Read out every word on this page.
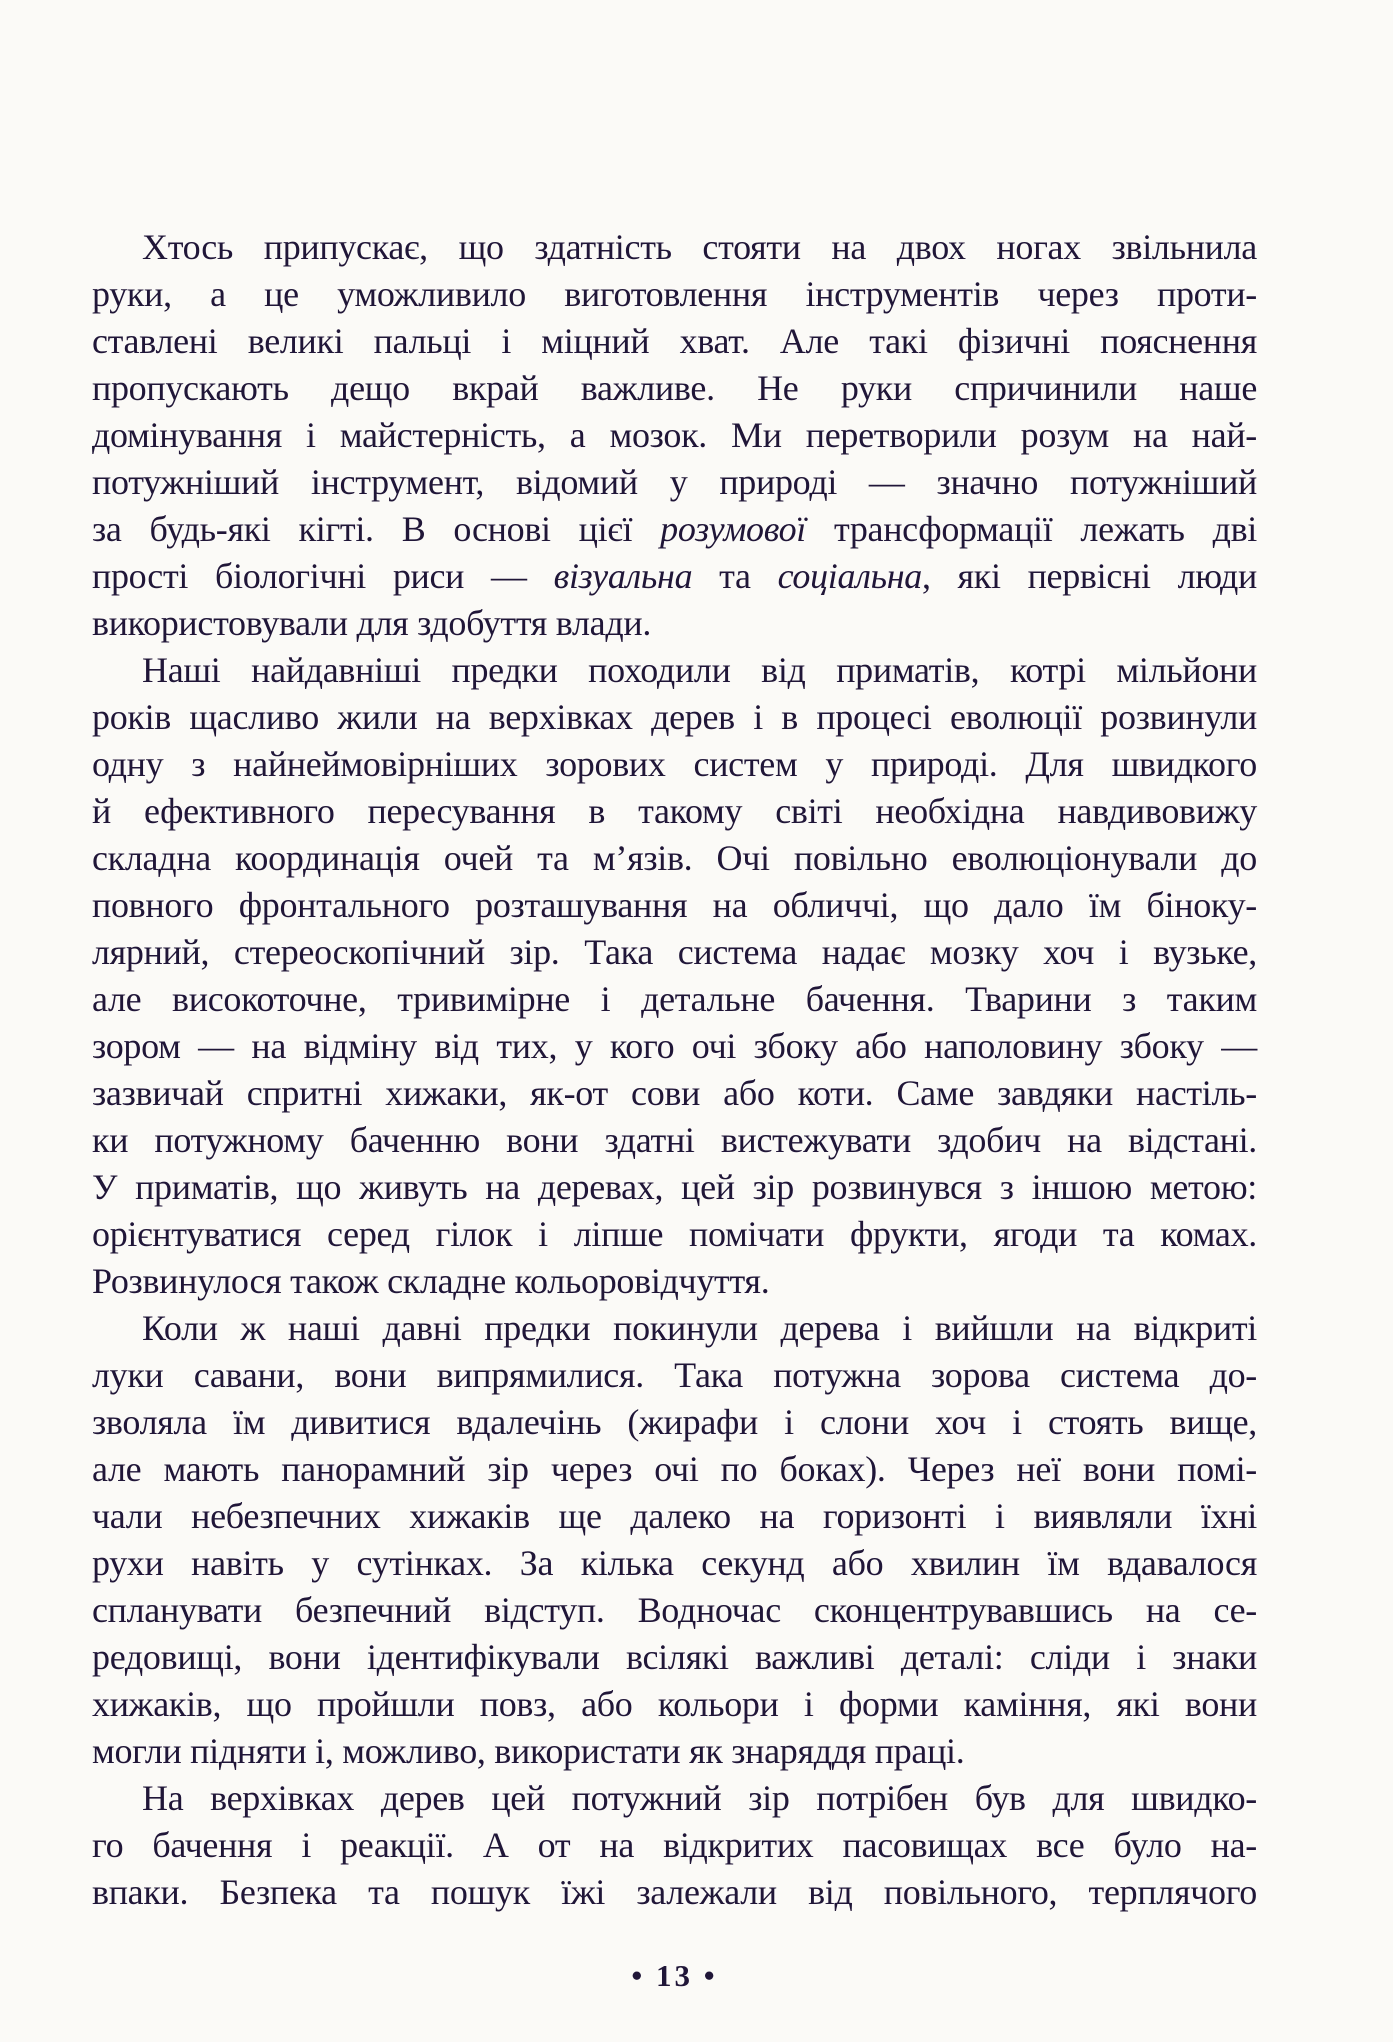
Хтось припускає, що здатність стояти на двох ногах звільнила
руки, а це уможливило виготовлення інструментів через проти-
ставлені великі пальці і міцний хват. Але такі фізичні пояснення
пропускають дещо вкрай важливе. Не руки спричинили наше
домінування і майстерність, а мозок. Ми перетворили розум на най-
потужніший інструмент, відомий у природі — значно потужніший
за будь-які кігті. В основі цієї розумової трансформації лежать дві
прості біологічні риси — візуальна та соціальна, які первісні люди
використовували для здобуття влади.
Наші найдавніші предки походили від приматів, котрі мільйони
років щасливо жили на верхівках дерев і в процесі еволюції розвинули
одну з найнеймовірніших зорових систем у природі. Для швидкого
й ефективного пересування в такому світі необхідна навдивовижу
складна координація очей та м’язів. Очі повільно еволюціонували до
повного фронтального розташування на обличчі, що дало їм біноку-
лярний, стереоскопічний зір. Така система надає мозку хоч і вузьке,
але високоточне, тривимірне і детальне бачення. Тварини з таким
зором — на відміну від тих, у кого очі збоку або наполовину збоку —
зазвичай спритні хижаки, як-от сови або коти. Саме завдяки настіль-
ки потужному баченню вони здатні вистежувати здобич на відстані.
У приматів, що живуть на деревах, цей зір розвинувся з іншою метою:
орієнтуватися серед гілок і ліпше помічати фрукти, ягоди та комах.
Розвинулося також складне кольоровідчуття.
Коли ж наші давні предки покинули дерева і вийшли на відкриті
луки савани, вони випрямилися. Така потужна зорова система до-
зволяла їм дивитися вдалечінь (жирафи і слони хоч і стоять вище,
але мають панорамний зір через очі по боках). Через неї вони помі-
чали небезпечних хижаків ще далеко на горизонті і виявляли їхні
рухи навіть у сутінках. За кілька секунд або хвилин їм вдавалося
спланувати безпечний відступ. Водночас сконцентрувавшись на се-
редовищі, вони ідентифікували всілякі важливі деталі: сліди і знаки
хижаків, що пройшли повз, або кольори і форми каміння, які вони
могли підняти і, можливо, використати як знаряддя праці.
На верхівках дерев цей потужний зір потрібен був для швидко-
го бачення і реакції. А от на відкритих пасовищах все було на-
впаки. Безпека та пошук їжі залежали від повільного, терплячого
• 13 •
